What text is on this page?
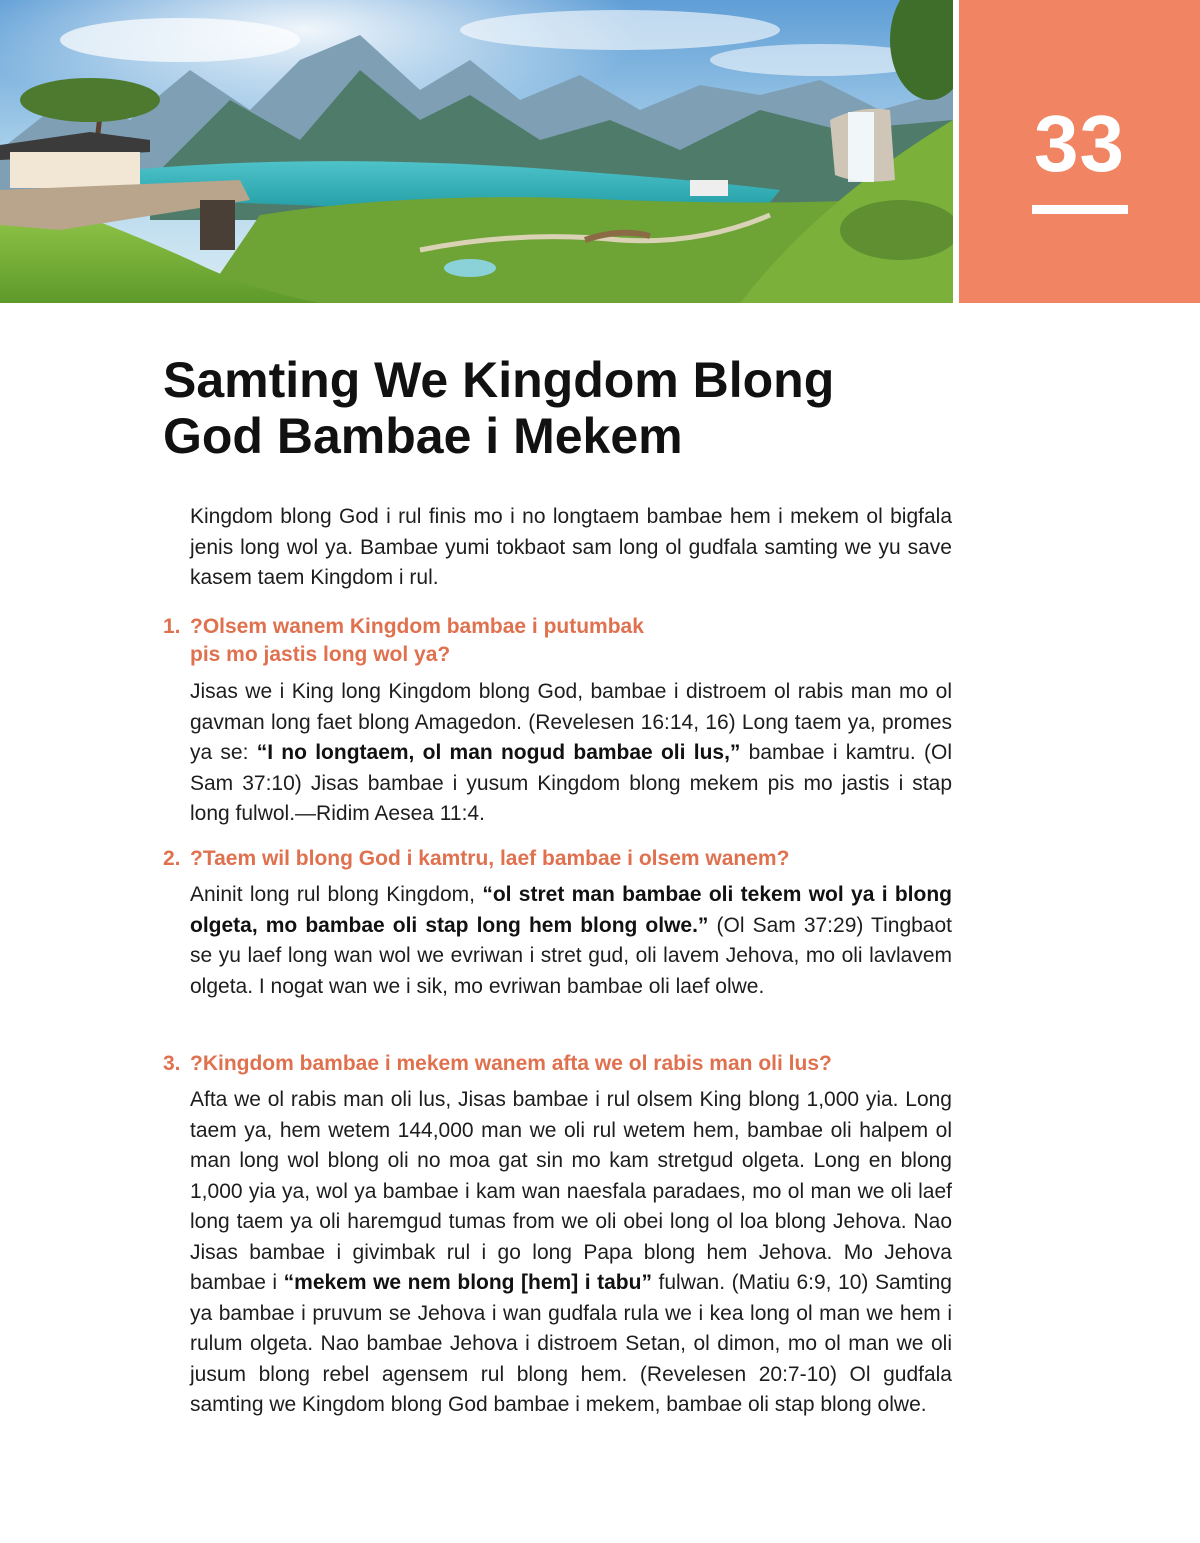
33
Samting We Kingdom Blong
God Bambae i Mekem

Kingdom blong God i rul finis mo i no longtaem bambae hem i mekem ol bigfala jenis long wol ya. Bambae yumi tokbaot sam long ol gudfala samting we yu save kasem taem Kingdom i rul.

1. ?Olsem wanem Kingdom bambae i putumbak
pis mo jastis long wol ya?

Jisas we i King long Kingdom blong God, bambae i distroem ol rabis man mo ol gavman long faet blong Amagedon. (Revelesen 16:14, 16) Long taem ya, promes ya se: “I no longtaem, ol man nogud bambae oli lus,” bambae i kamtru. (Ol Sam 37:10) Jisas bambae i yusum Kingdom blong mekem pis mo jastis i stap long fulwol.—Ridim Aesea 11:4.

2. ?Taem wil blong God i kamtru, laef bambae i olsem wanem?

Aninit long rul blong Kingdom, “ol stret man bambae oli tekem wol ya i blong olgeta, mo bambae oli stap long hem blong olwe.” (Ol Sam 37:29) Tingbaot se yu laef long wan wol we evriwan i stret gud, oli lavem Jehova, mo oli lavlavem olgeta. I nogat wan we i sik, mo evriwan bambae oli laef olwe.

3. ?Kingdom bambae i mekem wanem afta we ol rabis man oli lus?

Afta we ol rabis man oli lus, Jisas bambae i rul olsem King blong 1,000 yia. Long taem ya, hem wetem 144,000 man we oli rul wetem hem, bambae oli halpem ol man long wol blong oli no moa gat sin mo kam stretgud olgeta. Long en blong 1,000 yia ya, wol ya bambae i kam wan naesfala paradaes, mo ol man we oli laef long taem ya oli haremgud tumas from we oli obei long ol loa blong Jehova. Nao Jisas bambae i givimbak rul i go long Papa blong hem Jehova. Mo Jehova bambae i “mekem we nem blong [hem] i tabu” fulwan. (Matiu 6:9, 10) Samting ya bambae i pruvum se Jehova i wan gudfala rula we i kea long ol man we hem i rulum olgeta. Nao bambae Jehova i distroem Setan, ol dimon, mo ol man we oli jusum blong rebel agensem rul blong hem. (Revelesen 20:7-10) Ol gudfala samting we Kingdom blong God bambae i mekem, bambae oli stap blong olwe.
